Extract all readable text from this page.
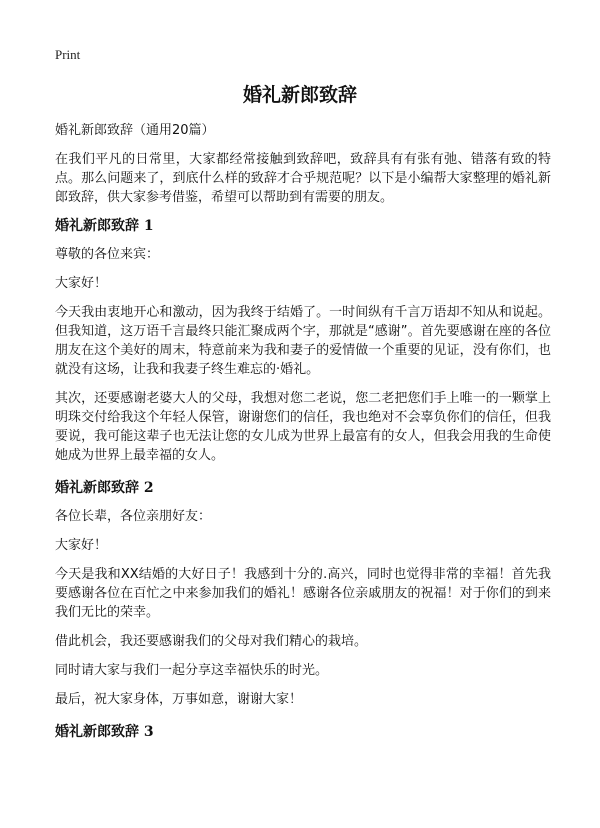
Print
婚礼新郎致辞

婚礼新郎致辞（通用20篇）

在我们平凡的日常里，大家都经常接触到致辞吧，致辞具有有张有弛、错落有致的特点。那么问题来了，到底什么样的致辞才合乎规范呢？以下是小编帮大家整理的婚礼新郎致辞，供大家参考借鉴，希望可以帮助到有需要的朋友。

婚礼新郎致辞 1

尊敬的各位来宾：

大家好！

今天我由衷地开心和激动，因为我终于结婚了。一时间纵有千言万语却不知从和说起。但我知道，这万语千言最终只能汇聚成两个字，那就是“感谢”。首先要感谢在座的各位朋友在这个美好的周末，特意前来为我和妻子的爱情做一个重要的见证，没有你们，也就没有这场，让我和我妻子终生难忘的·婚礼。

其次，还要感谢老婆大人的父母，我想对您二老说，您二老把您们手上唯一的一颗掌上明珠交付给我这个年轻人保管，谢谢您们的信任，我也绝对不会辜负你们的信任，但我要说，我可能这辈子也无法让您的女儿成为世界上最富有的女人，但我会用我的生命使她成为世界上最幸福的女人。

婚礼新郎致辞 2

各位长辈，各位亲朋好友：

大家好！

今天是我和XX结婚的大好日子！我感到十分的.高兴，同时也觉得非常的幸福！首先我要感谢各位在百忙之中来参加我们的婚礼！感谢各位亲戚朋友的祝福！对于你们的到来我们无比的荣幸。

借此机会，我还要感谢我们的父母对我们精心的栽培。

同时请大家与我们一起分享这幸福快乐的时光。

最后，祝大家身体，万事如意，谢谢大家！

婚礼新郎致辞 3
